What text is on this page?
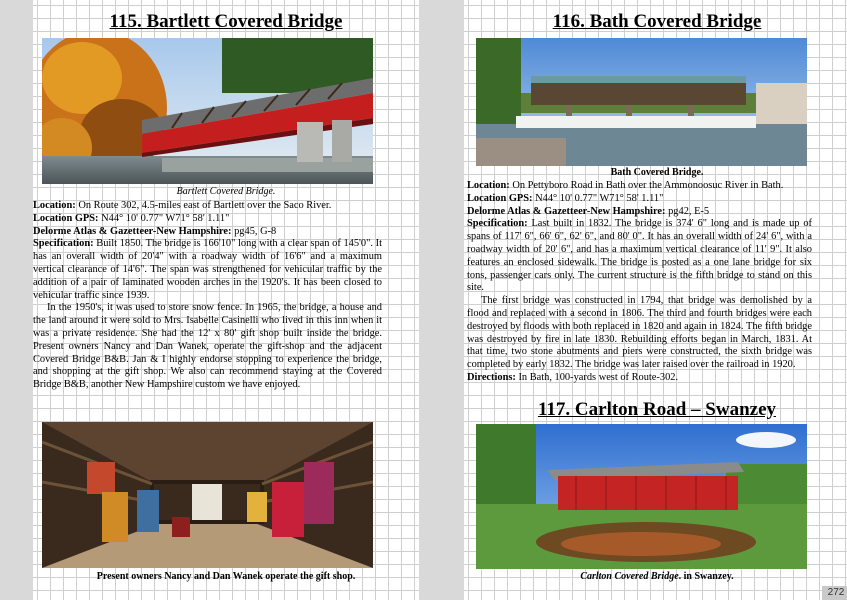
115. Bartlett Covered Bridge
Bartlett Covered Bridge.

Location: On Route 302, 4.5-miles east of Bartlett over the Saco River.

Location GPS: N44° 10' 0.77" W71° 58' 1.11"

Delorme Atlas & Gazetteer-New Hampshire: pg45, G-8

Specification: Built 1850. The bridge is 166'10" long with a clear span of 145'0". It has an overall width of 20'4" with a roadway width of 16'6" and a maximum vertical clearance of 14'6". The span was strengthened for vehicular traffic by the addition of a pair of laminated wooden arches in the 1920's. It has been closed to vehicular traffic since 1939.

In the 1950's, it was used to store snow fence. In 1965, the bridge, a house and the land around it were sold to Mrs. Isabelle Casinelli who lived in this inn when it was a private residence. She had the 12' x 80' gift shop built inside the bridge. Present owners Nancy and Dan Wanek, operate the gift-shop and the adjacent Covered Bridge B&B. Jan & I highly endorse stopping to experience the bridge, and shopping at the gift shop. We also can recommend staying at the Covered Bridge B&B, another New Hampshire custom we have enjoyed.

Present owners Nancy and Dan Wanek operate the gift shop.
116. Bath Covered Bridge
Bath Covered Bridge.

Location: On Pettyboro Road in Bath over the Ammonoosuc River in Bath.

Location GPS: N44° 10' 0.77" W71° 58' 1.11"

Delorme Atlas & Gazetteer-New Hampshire: pg42, E-5

Specification: Last built in 1832. The bridge is 374' 6" long and is made up of spans of 117' 6", 66' 6", 62' 6", and 80' 0". It has an overall width of 24' 6", with a roadway width of 20' 6", and has a maximum vertical clearance of 11' 9". It also features an enclosed sidewalk. The bridge is posted as a one lane bridge for six tons, passenger cars only. The current structure is the fifth bridge to stand on this site.

The first bridge was constructed in 1794, that bridge was demolished by a flood and replaced with a second in 1806. The third and fourth bridges were each destroyed by floods with both replaced in 1820 and again in 1824. The fifth bridge was destroyed by fire in late 1830. Rebuilding efforts began in March, 1831. At that time, two stone abutments and piers were constructed, the sixth bridge was completed by early 1832. The bridge was later raised over the railroad in 1920.

Directions: In Bath, 100-yards west of Route-302.

117. Carlton Road – Swanzey
Carlton Covered Bridge. in Swanzey.
272
